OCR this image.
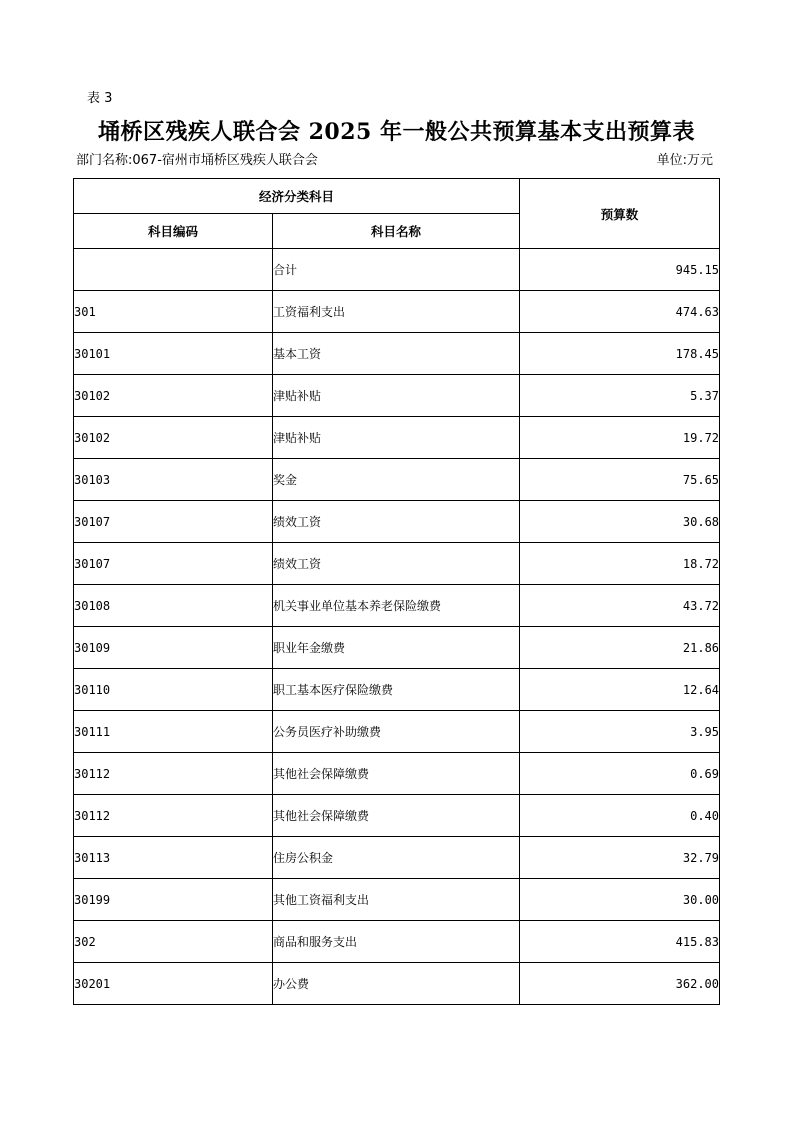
表 3
埇桥区残疾人联合会 2025 年一般公共预算基本支出预算表
部门名称:067-宿州市埇桥区残疾人联合会	单位:万元
经济分类科目		预算数
科目编码	科目名称	
	合计	945.15
301	工资福利支出	474.63
30101	基本工资	178.45
30102	津贴补贴	5.37
30102	津贴补贴	19.72
30103	奖金	75.65
30107	绩效工资	30.68
30107	绩效工资	18.72
30108	机关事业单位基本养老保险缴费	43.72
30109	职业年金缴费	21.86
30110	职工基本医疗保险缴费	12.64
30111	公务员医疗补助缴费	3.95
30112	其他社会保障缴费	0.69
30112	其他社会保障缴费	0.40
30113	住房公积金	32.79
30199	其他工资福利支出	30.00
302	商品和服务支出	415.83
30201	办公费	362.00
